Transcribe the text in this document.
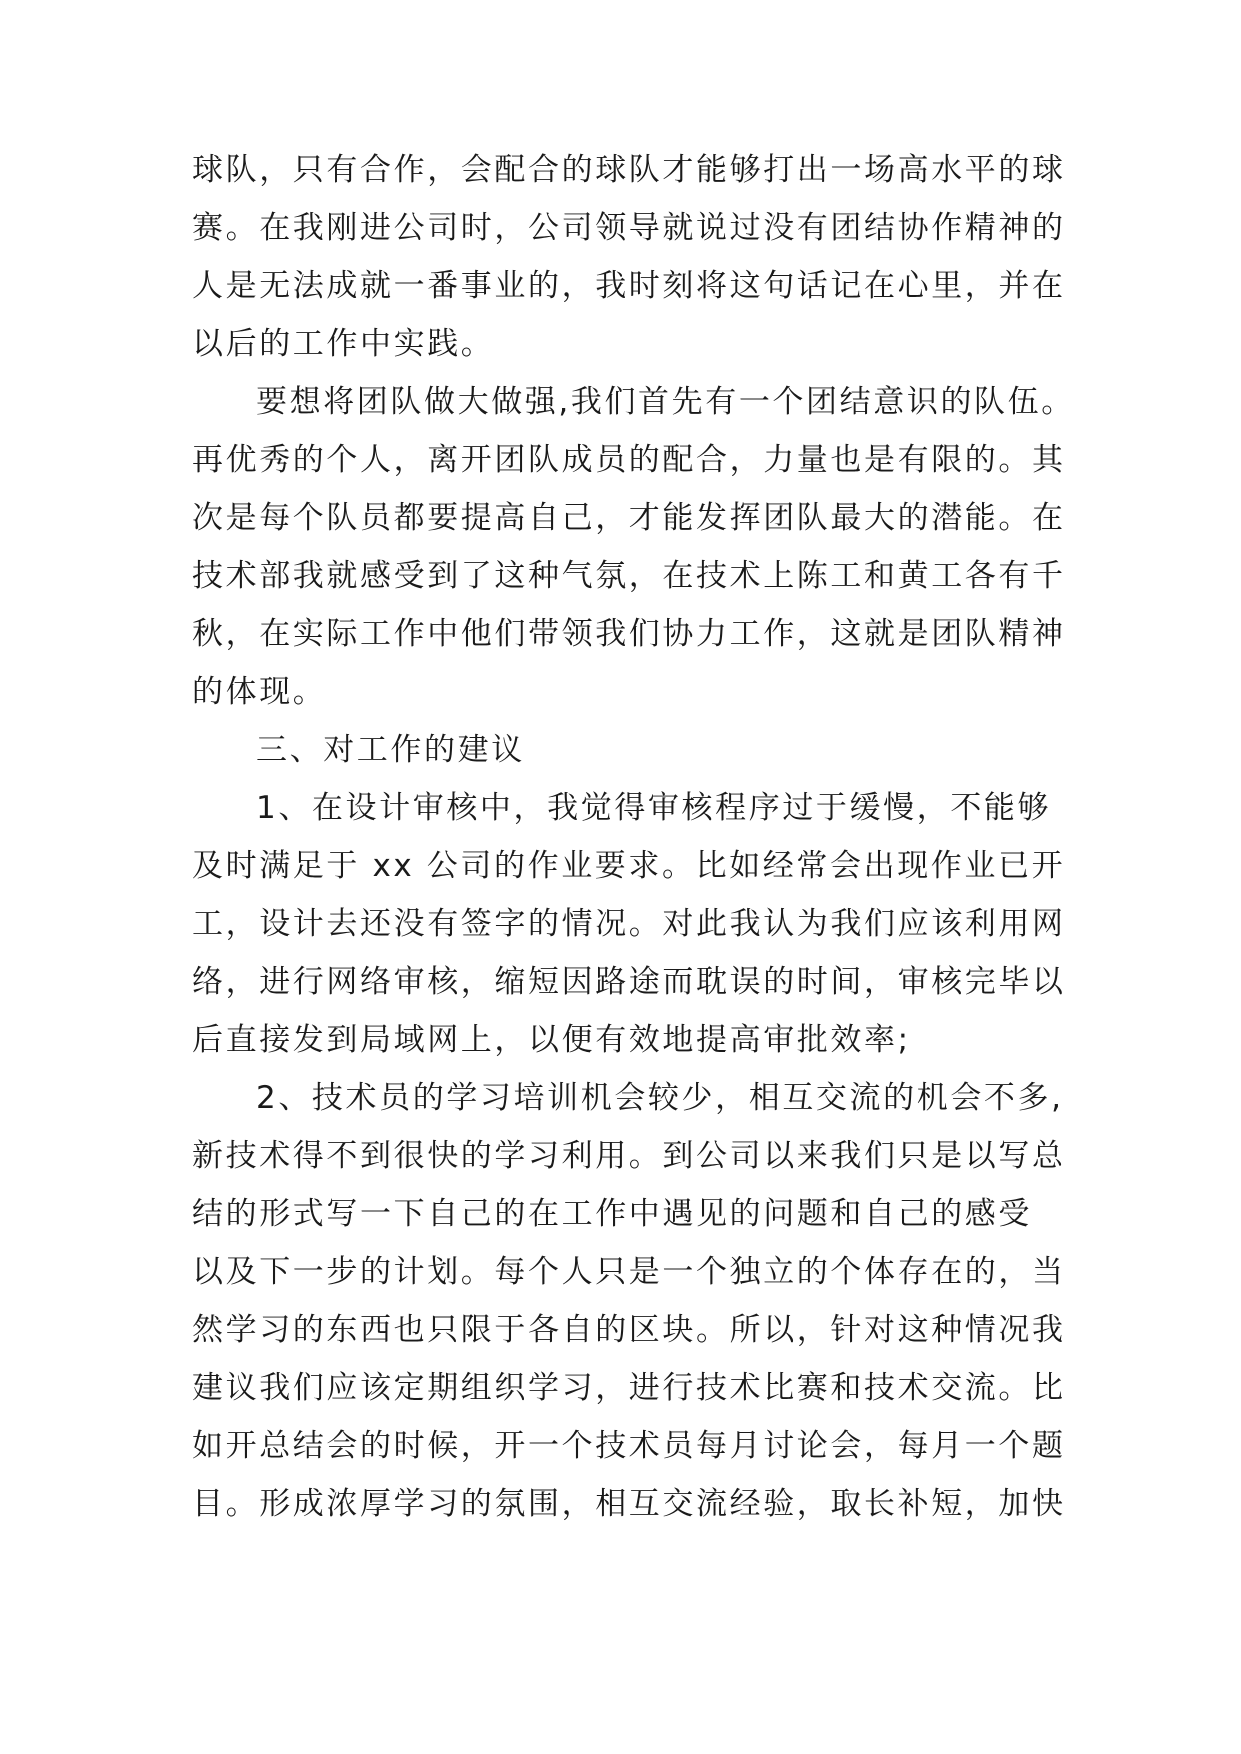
球队，只有合作，会配合的球队才能够打出一场高水平的球
赛。在我刚进公司时，公司领导就说过没有团结协作精神的
人是无法成就一番事业的，我时刻将这句话记在心里，并在
以后的工作中实践。
要想将团队做大做强,我们首先有一个团结意识的队伍。
再优秀的个人，离开团队成员的配合，力量也是有限的。其
次是每个队员都要提高自己，才能发挥团队最大的潜能。在
技术部我就感受到了这种气氛，在技术上陈工和黄工各有千
秋，在实际工作中他们带领我们协力工作，这就是团队精神
的体现。
三、对工作的建议
1、在设计审核中，我觉得审核程序过于缓慢，不能够
及时满足于 xx 公司的作业要求。比如经常会出现作业已开
工，设计去还没有签字的情况。对此我认为我们应该利用网
络，进行网络审核，缩短因路途而耽误的时间，审核完毕以
后直接发到局域网上，以便有效地提高审批效率;
2、技术员的学习培训机会较少，相互交流的机会不多,
新技术得不到很快的学习利用。到公司以来我们只是以写总
结的形式写一下自己的在工作中遇见的问题和自己的感受
以及下一步的计划。每个人只是一个独立的个体存在的，当
然学习的东西也只限于各自的区块。所以，针对这种情况我
建议我们应该定期组织学习，进行技术比赛和技术交流。比
如开总结会的时候，开一个技术员每月讨论会，每月一个题
目。形成浓厚学习的氛围，相互交流经验，取长补短，加快
